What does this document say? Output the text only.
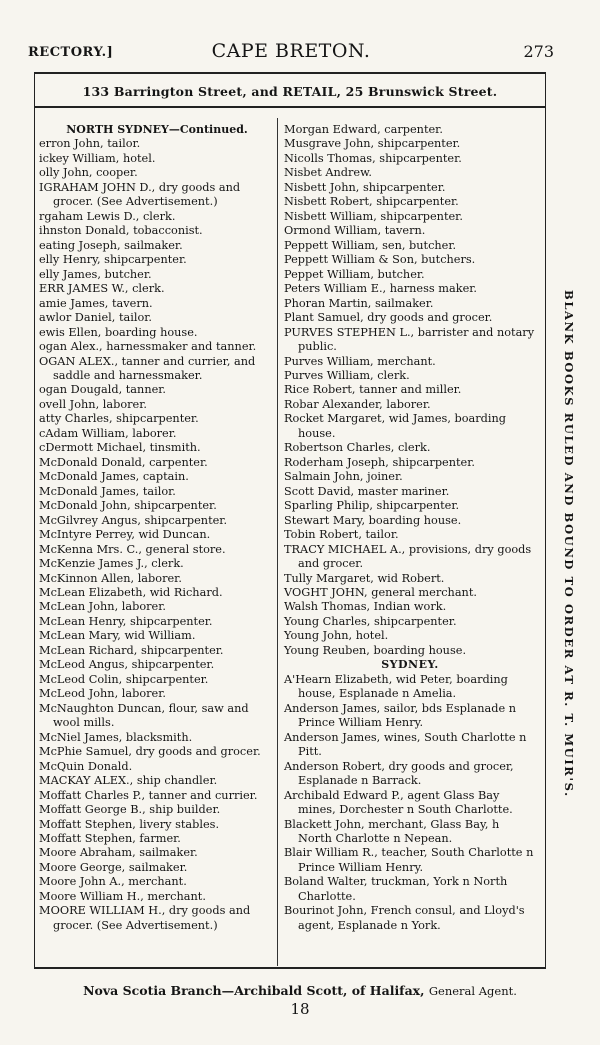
RECTORY.]	CAPE BRETON.	273
133 Barrington Street, and RETAIL, 25 Brunswick Street.
NORTH SYDNEY—Continued.
erron John, tailor.
ickey William, hotel.
olly John, cooper.
IGRAHAM JOHN D., dry goods and grocer. (See Advertisement.)
rgaham Lewis D., clerk.
ihnston Donald, tobacconist.
eating Joseph, sailmaker.
elly Henry, shipcarpenter.
elly James, butcher.
ERR JAMES W., clerk.
amie James, tavern.
awlor Daniel, tailor.
ewis Ellen, boarding house.
ogan Alex., harnessmaker and tanner.
OGAN ALEX., tanner and currier, and saddle and harnessmaker.
ogan Dougald, tanner.
ovell John, laborer.
atty Charles, shipcarpenter.
cAdam William, laborer.
cDermott Michael, tinsmith.
McDonald Donald, carpenter.
McDonald James, captain.
McDonald James, tailor.
McDonald John, shipcarpenter.
McGilvrey Angus, shipcarpenter.
McIntyre Perrey, wid Duncan.
McKenna Mrs. C., general store.
McKenzie James J., clerk.
McKinnon Allen, laborer.
McLean Elizabeth, wid Richard.
McLean John, laborer.
McLean Henry, shipcarpenter.
McLean Mary, wid William.
McLean Richard, shipcarpenter.
McLeod Angus, shipcarpenter.
McLeod Colin, shipcarpenter.
McLeod John, laborer.
McNaughton Duncan, flour, saw and wool mills.
McNiel James, blacksmith.
McPhie Samuel, dry goods and grocer.
McQuin Donald.
MACKAY ALEX., ship chandler.
Moffatt Charles P., tanner and currier.
Moffatt George B., ship builder.
Moffatt Stephen, livery stables.
Moffatt Stephen, farmer.
Moore Abraham, sailmaker.
Moore George, sailmaker.
Moore John A., merchant.
Moore William H., merchant.
MOORE WILLIAM H., dry goods and grocer. (See Advertisement.)
Morgan Edward, carpenter.
Musgrave John, shipcarpenter.
Nicolls Thomas, shipcarpenter.
Nisbet Andrew.
Nisbett John, shipcarpenter.
Nisbett Robert, shipcarpenter.
Nisbett William, shipcarpenter.
Ormond William, tavern.
Peppett William, sen, butcher.
Peppett William & Son, butchers.
Peppet William, butcher.
Peters William E., harness maker.
Phoran Martin, sailmaker.
Plant Samuel, dry goods and grocer.
PURVES STEPHEN L., barrister and notary public.
Purves William, merchant.
Purves William, clerk.
Rice Robert, tanner and miller.
Robar Alexander, laborer.
Rocket Margaret, wid James, boarding house.
Robertson Charles, clerk.
Roderham Joseph, shipcarpenter.
Salmain John, joiner.
Scott David, master mariner.
Sparling Philip, shipcarpenter.
Stewart Mary, boarding house.
Tobin Robert, tailor.
TRACY MICHAEL A., provisions, dry goods and grocer.
Tully Margaret, wid Robert.
VOGHT JOHN, general merchant.
Walsh Thomas, Indian work.
Young Charles, shipcarpenter.
Young John, hotel.
Young Reuben, boarding house.
SYDNEY.
A'Hearn Elizabeth, wid Peter, boarding house, Esplanade n Amelia.
Anderson James, sailor, bds Esplanade n Prince William Henry.
Anderson James, wines, South Charlotte n Pitt.
Anderson Robert, dry goods and grocer, Esplanade n Barrack.
Archibald Edward P., agent Glass Bay mines, Dorchester n South Charlotte.
Blackett John, merchant, Glass Bay, h North Charlotte n Nepean.
Blair William R., teacher, South Charlotte n Prince William Henry.
Boland Walter, truckman, York n North Charlotte.
Bourinot John, French consul, and Lloyd's agent, Esplanade n York.
BLANK BOOKS RULED AND BOUND TO ORDER AT R. T. MUIR'S.
Nova Scotia Branch—Archibald Scott, of Halifax, General Agent.
18
